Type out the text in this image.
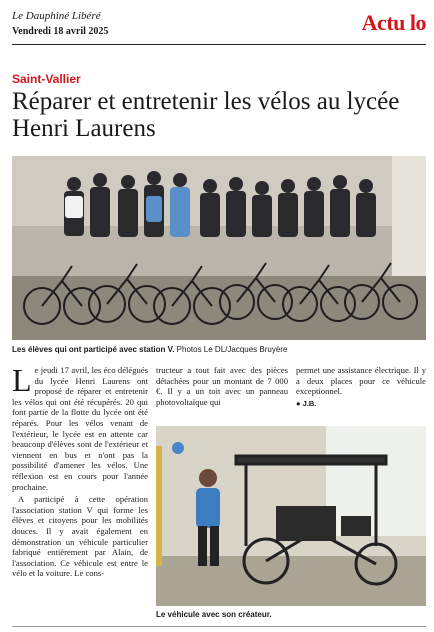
Le Dauphiné Libéré
Vendredi 18 avril 2025	Actu lo
Saint-Vallier
Réparer et entretenir les vélos au lycée Henri Laurens
Les élèves qui ont participé avec station V. Photos Le DL/Jacques Bruyère

Le jeudi 17 avril, les éco délégués du lycée Henri Laurens ont proposé de réparer et entretenir les vélos qui ont été récupérés. 20 qui font partie de la flotte du lycée ont été réparés. Pour les vélos venant de l'extérieur, le lycée est en attente car beaucoup d'élèves sont de l'extérieur et viennent en bus et n'ont pas la possibilité d'amener les vélos. Une réflexion est en cours pour l'année prochaine.

A participé à cette opération l'association station V qui forme les élèves et citoyens pour les mobilités douces. Il y avait également en démonstration un véhicule particulier fabriqué entièrement par Alain, de l'association. Ce véhicule est entre le vélo et la voiture. Le cons-

tructeur a tout fait avec des pièces détachées pour un montant de 7 000 €. Il y a un toit avec un panneau photovoltaïque qui

permet une assistance électrique. Il y a deux places pour ce véhicule exceptionnel.

● J.B.
Le véhicule avec son créateur.
